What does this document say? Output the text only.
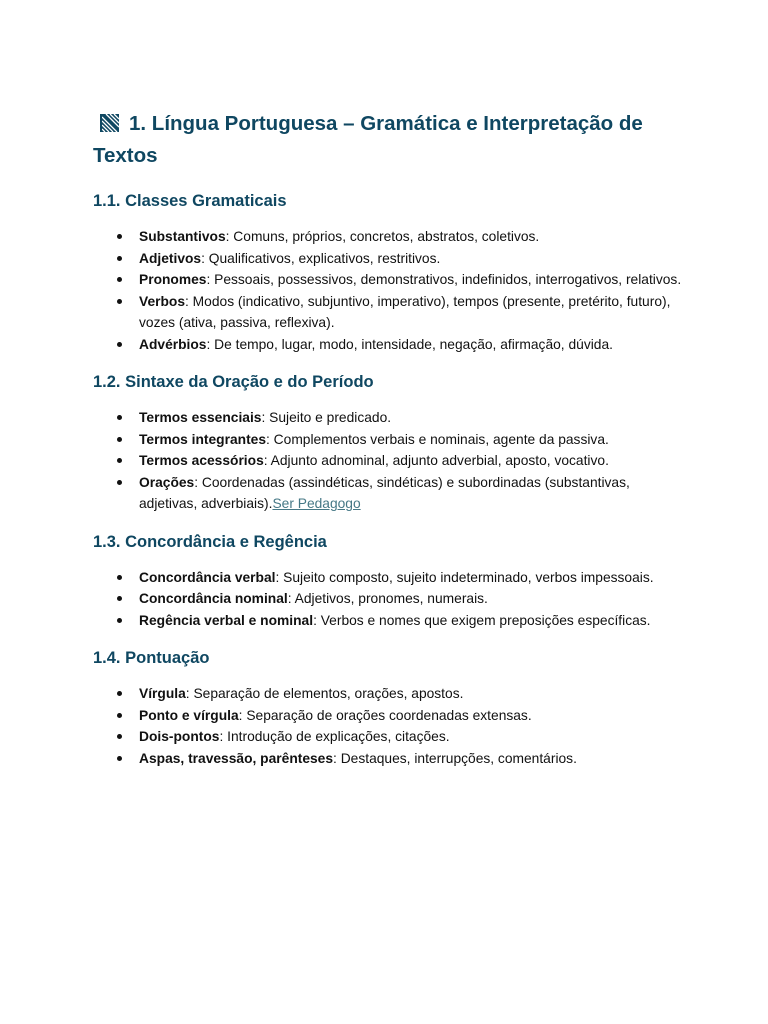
1. Língua Portuguesa – Gramática e Interpretação de Textos
1.1. Classes Gramaticais
Substantivos: Comuns, próprios, concretos, abstratos, coletivos.
Adjetivos: Qualificativos, explicativos, restritivos.
Pronomes: Pessoais, possessivos, demonstrativos, indefinidos, interrogativos, relativos.
Verbos: Modos (indicativo, subjuntivo, imperativo), tempos (presente, pretérito, futuro), vozes (ativa, passiva, reflexiva).
Advérbios: De tempo, lugar, modo, intensidade, negação, afirmação, dúvida.
1.2. Sintaxe da Oração e do Período
Termos essenciais: Sujeito e predicado.
Termos integrantes: Complementos verbais e nominais, agente da passiva.
Termos acessórios: Adjunto adnominal, adjunto adverbial, aposto, vocativo.
Orações: Coordenadas (assindéticas, sindéticas) e subordinadas (substantivas, adjetivas, adverbiais).Ser Pedagogo
1.3. Concordância e Regência
Concordância verbal: Sujeito composto, sujeito indeterminado, verbos impessoais.
Concordância nominal: Adjetivos, pronomes, numerais.
Regência verbal e nominal: Verbos e nomes que exigem preposições específicas.
1.4. Pontuação
Vírgula: Separação de elementos, orações, apostos.
Ponto e vírgula: Separação de orações coordenadas extensas.
Dois-pontos: Introdução de explicações, citações.
Aspas, travessão, parênteses: Destaques, interrupções, comentários.
